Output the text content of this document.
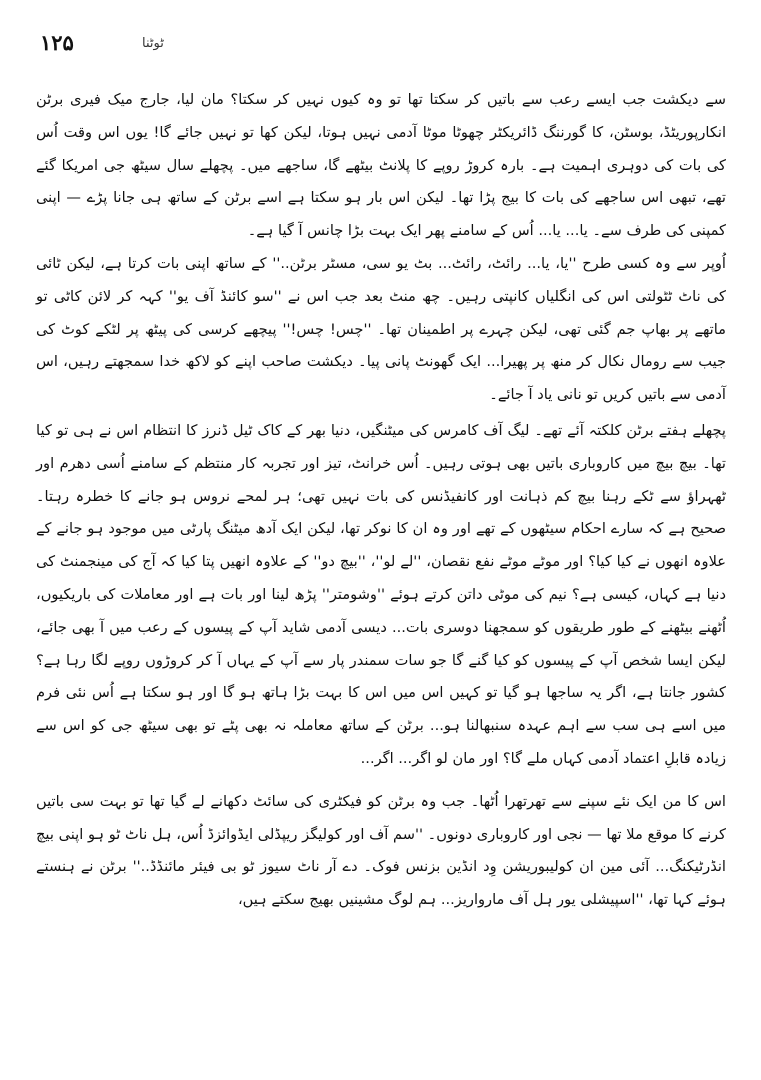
١٢۵	ٹوٹنا

سے دیکشت جب ایسے رعب سے باتیں کر سکتا تھا تو وہ کیوں نہیں کر سکتا؟ مان لیا، جارج میک فیری برٹن انکارپوریٹڈ، بوسٹن، کا گورننگ ڈائریکٹر چھوٹا موٹا آدمی نہیں ہوتا، لیکن کھا تو نہیں جائے گا! یوں اس وقت اُس کی بات کی دوہری اہمیت ہے۔ بارہ کروڑ روپے کا پلانٹ بیٹھے گا، ساجھے میں۔ پچھلے سال سیٹھ جی امریکا گئے تھے، تبھی اس ساجھے کی بات کا بیج پڑا تھا۔ لیکن اس بار ہو سکتا ہے اسے برٹن کے ساتھ ہی جانا پڑے — اپنی کمپنی کی طرف سے۔ یا... یا... اُس کے سامنے پھر ایک بہت بڑا چانس آ گیا ہے۔

اُوپر سے وہ کسی طرح ''یا، یا... رائٹ، رائٹ... بٹ یو سی، مسٹر برٹن..'' کے ساتھ اپنی بات کرتا ہے، لیکن ٹائی کی ناٹ ٹٹولتی اس کی انگلیاں کانپتی رہیں۔ چھ منٹ بعد جب اس نے ''سو کائنڈ آف یو'' کہہ کر لائن کاٹی تو ماتھے پر بھاپ جم گئی تھی، لیکن چہرے پر اطمینان تھا۔ ''چس! چس!'' پیچھے کرسی کی پیٹھ پر لٹکے کوٹ کی جیب سے رومال نکال کر منھ پر پھیرا... ایک گھونٹ پانی پیا۔ دیکشت صاحب اپنے کو لاکھ خدا سمجھتے رہیں، اس آدمی سے باتیں کریں تو نانی یاد آ جائے۔

پچھلے ہفتے برٹن کلکتہ آئے تھے۔ لیگ آف کامرس کی میٹنگیں، دنیا بھر کے کاک ٹیل ڈنرز کا انتظام اس نے ہی تو کیا تھا۔ بیچ بیچ میں کاروباری باتیں بھی ہوتی رہیں۔ اُس خرانٹ، تیز اور تجربہ کار منتظم کے سامنے اُسی دھرم اور ٹھہراؤ سے ٹکے رہنا بیچ کم ذہانت اور کانفیڈنس کی بات نہیں تھی؛ ہر لمحے نروس ہو جانے کا خطرہ رہتا۔ صحیح ہے کہ سارے احکام سیٹھوں کے تھے اور وہ ان کا نوکر تھا، لیکن ایک آدھ میٹنگ پارٹی میں موجود ہو جانے کے علاوہ انھوں نے کیا کیا؟ اور موٹے موٹے نفع نقصان، ''لے لو''، ''بیچ دو'' کے علاوہ انھیں پتا کیا کہ آج کی مینجمنٹ کی دنیا ہے کہاں، کیسی ہے؟ نیم کی موٹی داتن کرتے ہوئے ''وشومتر'' پڑھ لینا اور بات ہے اور معاملات کی باریکیوں، اُٹھنے بیٹھنے کے طور طریقوں کو سمجھنا دوسری بات... دیسی آدمی شاید آپ کے پیسوں کے رعب میں آ بھی جائے، لیکن ایسا شخص آپ کے پیسوں کو کیا گنے گا جو سات سمندر پار سے آپ کے یہاں آ کر کروڑوں روپے لگا رہا ہے؟ کشور جانتا ہے، اگر یہ ساجھا ہو گیا تو کہیں اس میں اس کا بہت بڑا ہاتھ ہو گا اور ہو سکتا ہے اُس نئی فرم میں اسے ہی سب سے اہم عہدہ سنبھالنا ہو... برٹن کے ساتھ معاملہ نہ بھی پٹے تو بھی سیٹھ جی کو اس سے زیادہ قابلِ اعتماد آدمی کہاں ملے گا؟ اور مان لو اگر... اگر...

اس کا من ایک نئے سپنے سے تھرتھرا اُٹھا۔ جب وہ برٹن کو فیکٹری کی سائٹ دکھانے لے گیا تھا تو بہت سی باتیں کرنے کا موقع ملا تھا — نجی اور کاروباری دونوں۔ ''سم آف اور کولیگز ریپڈلی ایڈوائزڈ اُس، ہل ناٹ ٹو ہو اپنی بیچ انڈرٹیکنگ... آئی مین ان کولیبوریشن وِد انڈین بزنس فوک۔ دے آر ناٹ سیوز ٹو بی فیئر مائنڈڈ..'' برٹن نے ہنستے ہوئے کہا تھا، ''اسپیشلی یور ہل آف مارواریز... ہم لوگ مشینیں بھیج سکتے ہیں،
